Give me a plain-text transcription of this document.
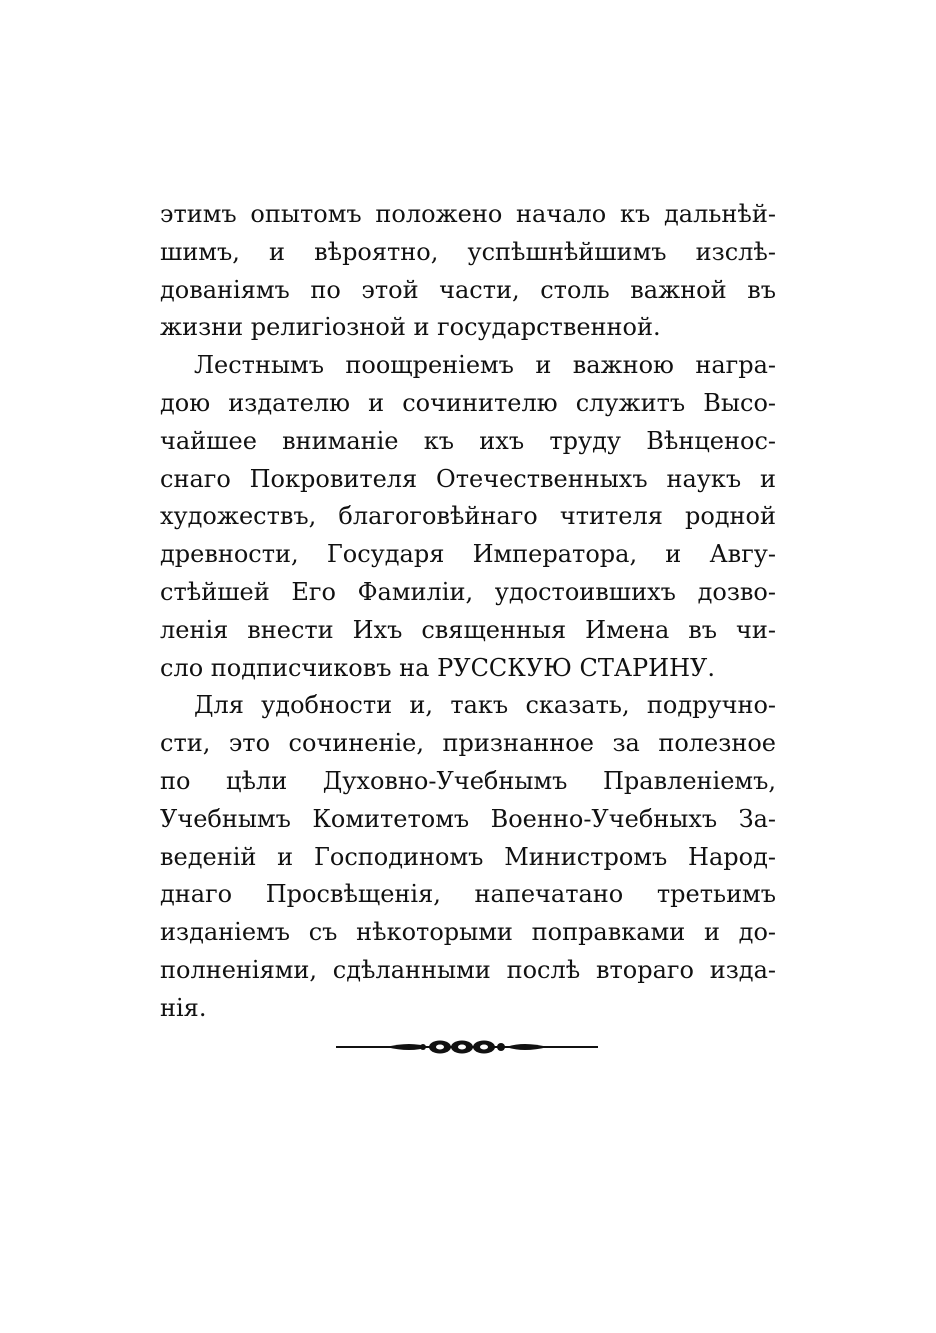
этимъ опытомъ положено начало къ дальнѣй-
шимъ, и вѣроятно, успѣшнѣйшимъ изслѣ-
дованiямъ по этой части, столь важной въ
жизни религiозной и государственной.
Лестнымъ поощренiемъ и важною награ-
дою издателю и сочинителю служитъ Высо-
чайшее вниманiе къ ихъ труду Вѣнценос-
снаго Покровителя Отечественныхъ наукъ и
художествъ, благоговѣйнаго чтителя родной
древности, Государя Императора, и Авгу-
стѣйшей Его Фамилiи, удостоившихъ дозво-
ленiя внести Ихъ священныя Имена въ чи-
сло подписчиковъ на РУССКУЮ СТАРИНУ.
Для удобности и, такъ сказать, подручно-
сти, это сочиненiе, признанное за полезное
по цѣли Духовно-Учебнымъ Правленiемъ,
Учебнымъ Комитетомъ Военно-Учебныхъ За-
веденiй и Господиномъ Министромъ Народ-
днаго Просвѣщенiя, напечатано третьимъ
изданiемъ съ нѣкоторыми поправками и до-
полненiями, сдѣланными послѣ втораго изда-
нiя.
